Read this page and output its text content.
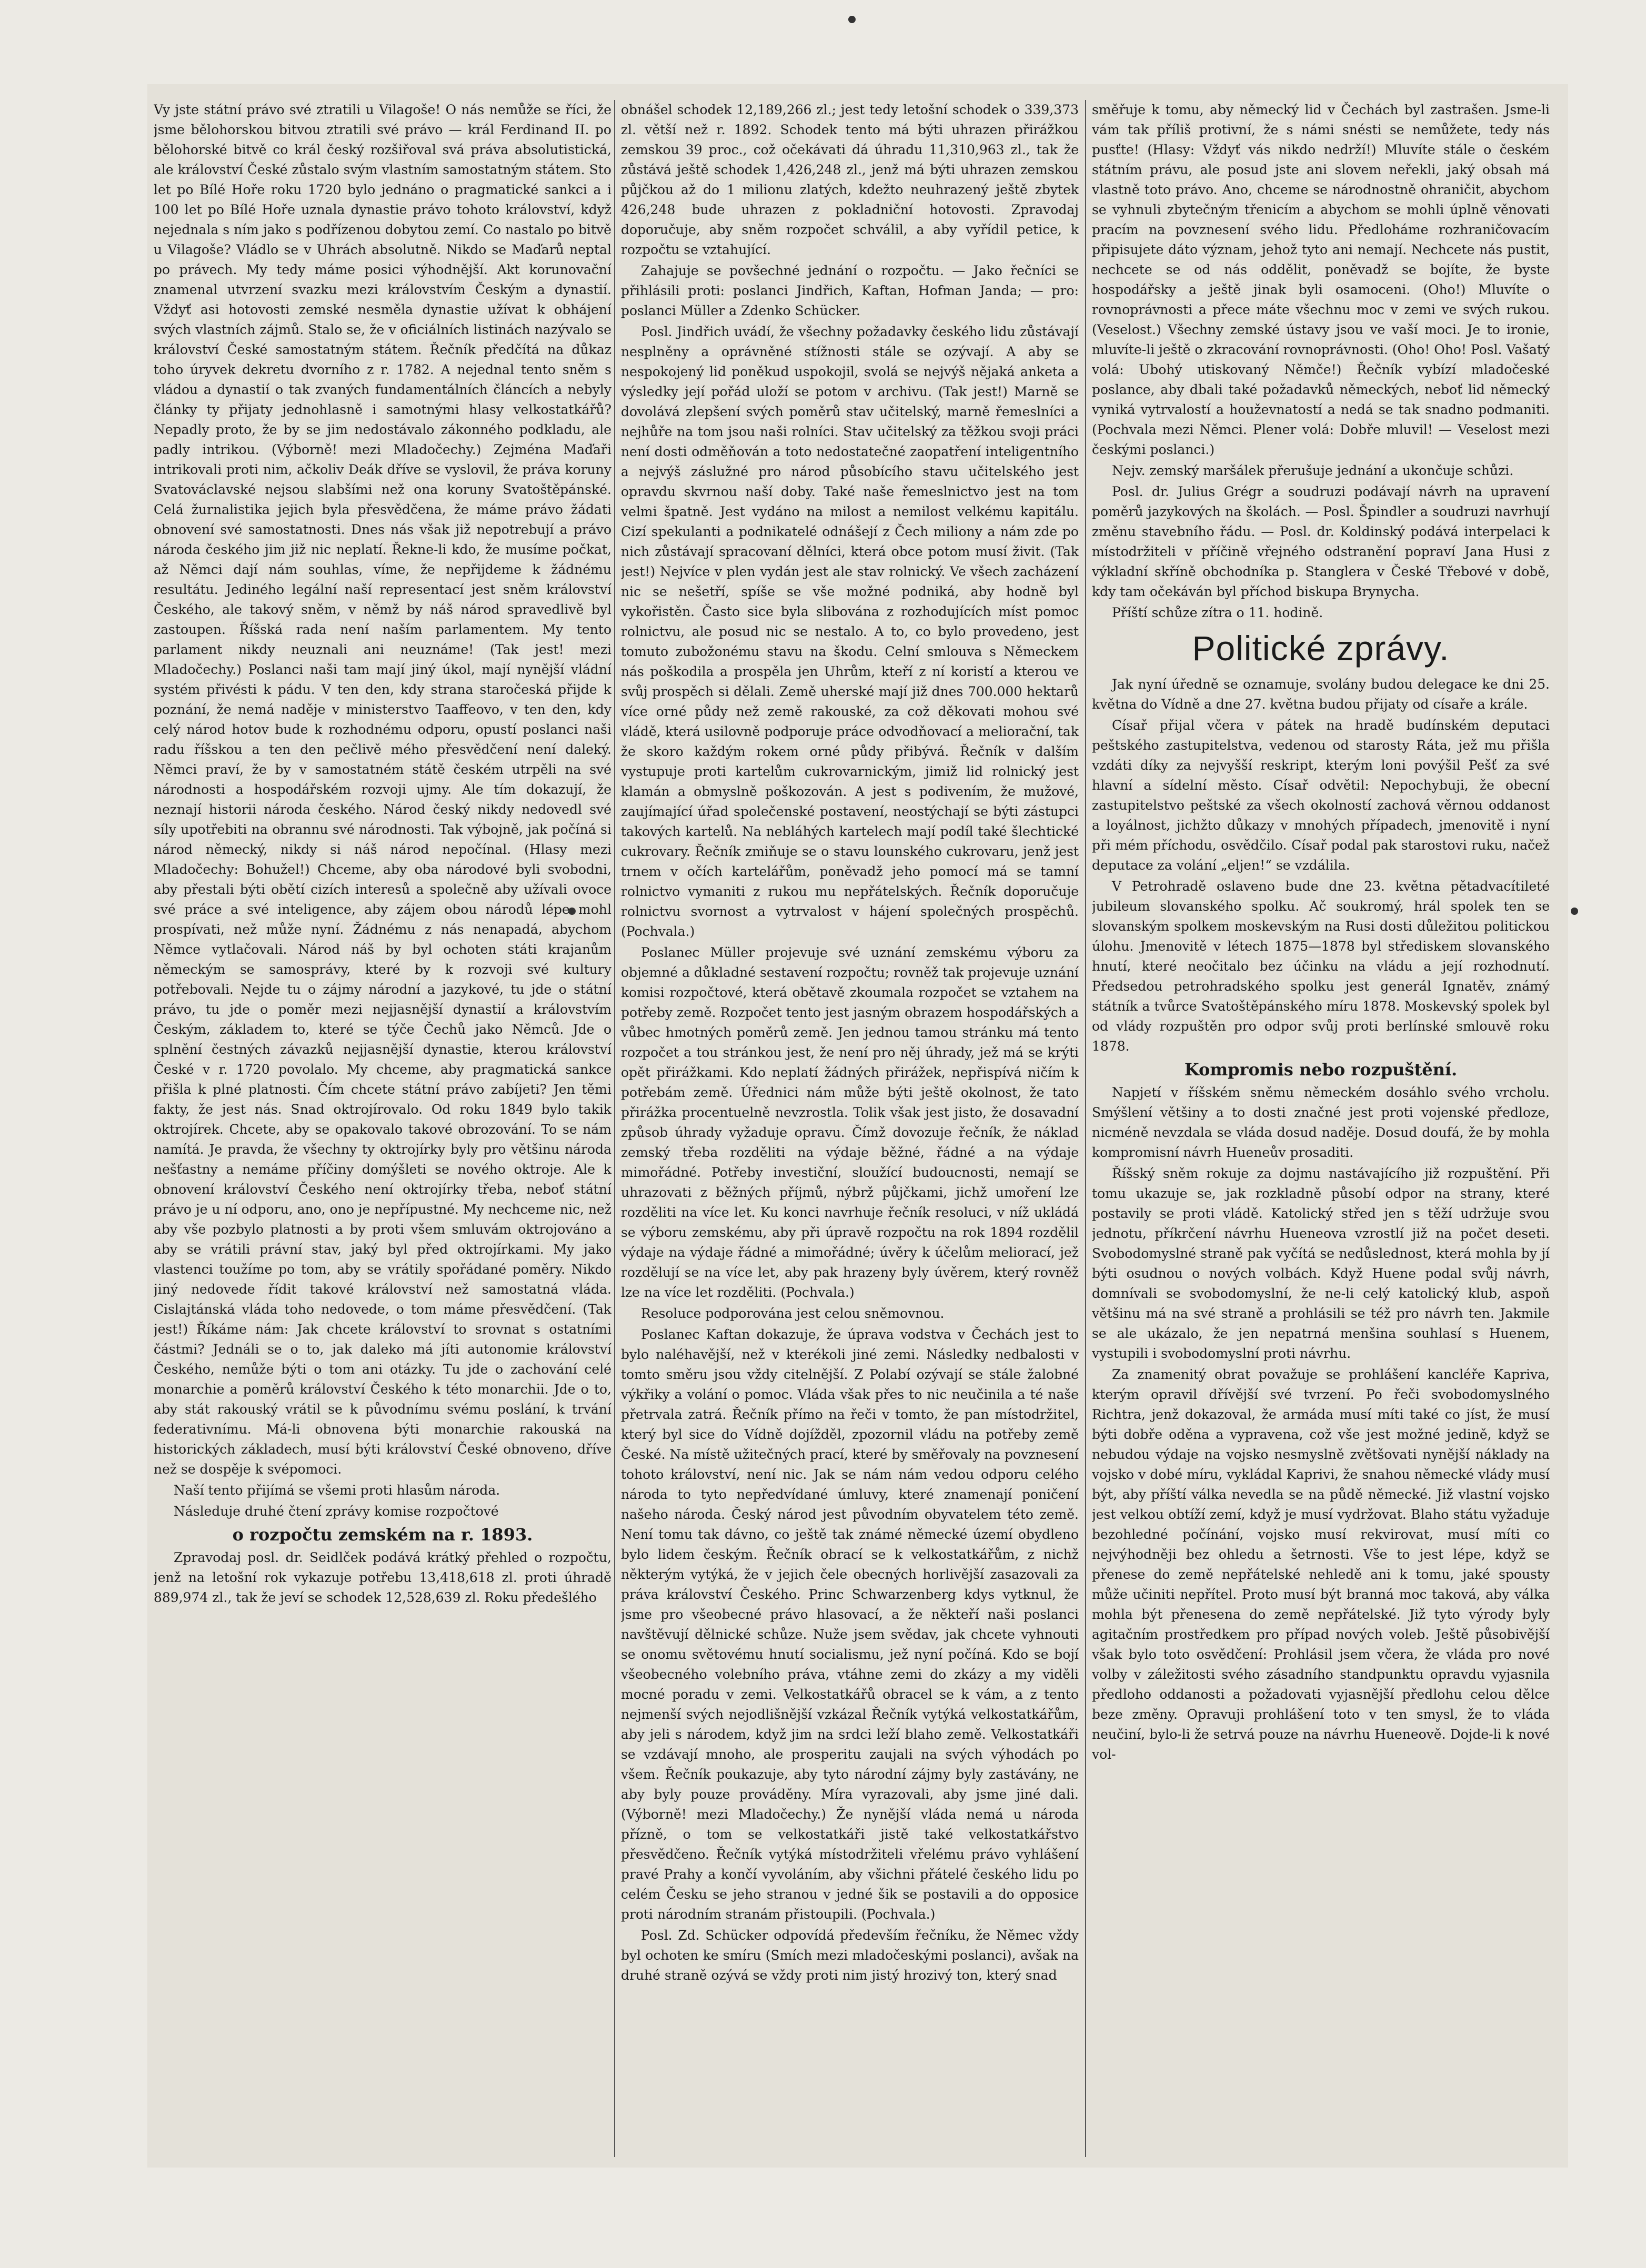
Vy jste státní právo své ztratili u Vilagoše! O nás nemůže se říci, že jsme bělohorskou bitvou ztratili své právo — král Ferdinand II. po bělohorské bitvě co král český rozšiřoval svá práva absolutistická, ale království České zůstalo svým vlastním samostatným státem. Sto let po Bílé Hoře roku 1720 bylo jednáno o pragmatické sankci a i 100 let po Bílé Hoře uznala dynastie právo tohoto království, když nejednala s ním jako s podřízenou dobytou zemí. Co nastalo po bitvě u Vilagoše? Vládlo se v Uhrách absolutně. Nikdo se Maďarů neptal po právech. My tedy máme posici výhodnější. Akt korunovační znamenal utvrzení svazku mezi královstvím Českým a dynastií. Vždyť asi hotovosti zemské nesměla dynastie užívat k obhájení svých vlastních zájmů. Stalo se, že v oficiálních listinách nazývalo se království České samostatným státem. Řečník předčítá na důkaz toho úryvek dekretu dvorního z r. 1782. A nejednal tento sněm s vládou a dynastií o tak zvaných fundamentálních článcích a nebyly články ty přijaty jednohlasně i samotnými hlasy velkostatkářů? Nepadly proto, že by se jim nedostávalo zákonného podkladu, ale padly intrikou. (Výborně! mezi Mladočechy.) Zejména Maďaři intrikovali proti nim, ačkoliv Deák dříve se vyslovil, že práva koruny Svatováclavské nejsou slabšími než ona koruny Svatoštěpánské. Celá žurnalistika jejich byla přesvědčena, že máme právo žádati obnovení své samostatnosti. Dnes nás však již nepotrebují a právo národa českého jim již nic neplatí. Řekne-li kdo, že musíme počkat, až Němci dají nám souhlas, víme, že nepřijdeme k žádnému resultátu. Jediného legální naší representací jest sněm království Českého, ale takový sněm, v němž by náš národ spravedlivě byl zastoupen. Říšská rada není naším parlamentem. My tento parlament nikdy neuznali ani neuznáme! (Tak jest! mezi Mladočechy.) Poslanci naši tam mají jiný úkol, mají nynější vládní systém přivésti k pádu. V ten den, kdy strana staročeská přijde k poznání, že nemá naděje v ministerstvo Taaffeovo, v ten den, kdy celý národ hotov bude k rozhodnému odporu, opustí poslanci naši radu říšskou a ten den pečlivě mého přesvědčení není daleký. Němci praví, že by v samostatném státě českém utrpěli na své národnosti a hospodářském rozvoji ujmy. Ale tím dokazují, že neznají historii národa českého. Národ český nikdy nedovedl své síly upotřebiti na obrannu své národnosti. Tak výbojně, jak počíná si národ německý, nikdy si náš národ nepočínal. (Hlasy mezi Mladočechy: Bohužel!) Chceme, aby oba národové byli svobodni, aby přestali býti obětí cizích interesů a společně aby užívali ovoce své práce a své inteligence, aby zájem obou národů lépe mohl prospívati, než může nyní. Žádnému z nás nenapadá, abychom Němce vytlačovali. Národ náš by byl ochoten státi krajanům německým se samosprávy, které by k rozvoji své kultury potřebovali. Nejde tu o zájmy národní a jazykové, tu jde o státní právo, tu jde o poměr mezi nejjasnější dynastií a královstvím Českým, základem to, které se týče Čechů jako Němců. Jde o splnění čestných závazků nejjasnější dynastie, kterou království České v r. 1720 povolalo. My chceme, aby pragmatická sankce přišla k plné platnosti. Čím chcete státní právo zabíjeti? Jen těmi fakty, že jest nás. Snad oktrojírovalo. Od roku 1849 bylo takik oktrojírek. Chcete, aby se opakovalo takové obrozování. To se nám namítá. Je pravda, že všechny ty oktrojírky byly pro většinu národa nešťastny a nemáme příčiny domýšleti se nového oktroje. Ale k obnovení království Českého není oktrojírky třeba, neboť státní právo je u ní odporu, ano, ono je nepřípustné. My nechceme nic, než aby vše pozbylo platnosti a by proti všem smluvám oktrojováno a aby se vrátili právní stav, jaký byl před oktrojírkami. My jako vlastenci toužíme po tom, aby se vrátily spořádané poměry. Nikdo jiný nedovede řídit takové království než samostatná vláda. Cislajtánská vláda toho nedovede, o tom máme přesvědčení. (Tak jest!) Říkáme nám: Jak chcete království to srovnat s ostatními částmi? Jednáli se o to, jak daleko má jíti autonomie království Českého, nemůže býti o tom ani otázky. Tu jde o zachování celé monarchie a poměrů království Českého k této monarchii. Jde o to, aby stát rakouský vrátil se k původnímu svému poslání, k trvání federativnímu. Má-li obnovena býti monarchie rakouská na historických základech, musí býti království České obnoveno, dříve než se dospěje k svépomoci.

Naší tento přijímá se všemi proti hlasům národa.

Následuje druhé čtení zprávy komise rozpočtové

o rozpočtu zemském na r. 1893.

Zpravodaj posl. dr. Seidlček podává krátký přehled o rozpočtu, jenž na letošní rok vykazuje potřebu 13,418,618 zl. proti úhradě 889,974 zl., tak že jeví se schodek 12,528,639 zl. Roku předešlého

obnášel schodek 12,189,266 zl.; jest tedy letošní schodek o 339,373 zl. větší než r. 1892. Schodek tento má býti uhrazen přirážkou zemskou 39 proc., což očekávati dá úhradu 11,310,963 zl., tak že zůstává ještě schodek 1,426,248 zl., jenž má býti uhrazen zemskou půjčkou až do 1 milionu zlatých, kdežto neuhrazený ještě zbytek 426,248 bude uhrazen z pokladniční hotovosti. Zpravodaj doporučuje, aby sněm rozpočet schválil, a aby vyřídil petice, k rozpočtu se vztahující.

Zahajuje se povšechné jednání o rozpočtu. — Jako řečníci se přihlásili proti: poslanci Jindřich, Kaftan, Hofman Janda; — pro: poslanci Müller a Zdenko Schücker.

Posl. Jindřich uvádí, že všechny požadavky českého lidu zůstávají nesplněny a oprávněné stížnosti stále se ozývají. A aby se nespokojený lid poněkud uspokojil, svolá se nejvýš nějaká anketa a výsledky její pořád uloží se potom v archivu. (Tak jest!) Marně se dovolává zlepšení svých poměrů stav učitelský, marně řemeslníci a nejhůře na tom jsou naši rolníci. Stav učitelský za těžkou svoji práci není dosti odměňován a toto nedostatečné zaopatření inteligentního a nejvýš záslužné pro národ působícího stavu učitelského jest opravdu skvrnou naší doby. Také naše řemeslnictvo jest na tom velmi špatně. Jest vydáno na milost a nemilost velkému kapitálu. Cizí spekulanti a podnikatelé odnášejí z Čech miliony a nám zde po nich zůstávají spracovaní dělníci, která obce potom musí živit. (Tak jest!) Nejvíce v plen vydán jest ale stav rolnický. Ve všech zacházení nic se nešetří, spíše se vše možné podniká, aby hodně byl vykořistěn. Často sice byla slibována z rozhodujících míst pomoc rolnictvu, ale posud nic se nestalo. A to, co bylo provedeno, jest tomuto zubožonému stavu na škodu. Celní smlouva s Německem nás poškodila a prospěla jen Uhrům, kteří z ní koristí a kterou ve svůj prospěch si dělali. Země uherské mají již dnes 700.000 hektarů více orné půdy než země rakouské, za což děkovati mohou své vládě, která usilovně podporuje práce odvodňovací a meliorační, tak že skoro každým rokem orné půdy přibývá. Řečník v dalším vystupuje proti kartelům cukrovarnickým, jimiž lid rolnický jest klamán a obmyslně poškozován. A jest s podivením, že mužové, zaujímající úřad společenské postavení, neostýchají se býti zástupci takových kartelů. Na nebláhých kartelech mají podíl také šlechtické cukrovary. Řečník zmiňuje se o stavu lounského cukrovaru, jenž jest trnem v očích kartelářům, poněvadž jeho pomocí má se tamní rolnictvo vymaniti z rukou mu nepřátelských. Řečník doporučuje rolnictvu svornost a vytrvalost v hájení společných prospěchů. (Pochvala.)

Poslanec Müller projevuje své uznání zemskému výboru za objemné a důkladné sestavení rozpočtu; rovněž tak projevuje uznání komisi rozpočtové, která obětavě zkoumala rozpočet se vztahem na potřeby země. Rozpočet tento jest jasným obrazem hospodářských a vůbec hmotných poměrů země. Jen jednou tamou stránku má tento rozpočet a tou stránkou jest, že není pro něj úhrady, jež má se krýti opět přirážkami. Kdo neplatí žádných přirážek, nepřispívá ničím k potřebám země. Úřednici nám může býti ještě okolnost, že tato přirážka procentuelně nevzrostla. Tolik však jest jisto, že dosavadní způsob úhrady vyžaduje opravu. Čímž dovozuje řečník, že náklad zemský třeba rozděliti na výdaje běžné, řádné a na výdaje mimořádné. Potřeby investiční, sloužící budoucnosti, nemají se uhrazovati z běžných příjmů, nýbrž půjčkami, jichž umoření lze rozděliti na více let. Ku konci navrhuje řečník resoluci, v níž ukládá se výboru zemskému, aby při úpravě rozpočtu na rok 1894 rozdělil výdaje na výdaje řádné a mimořádné; úvěry k účelům meliorací, jež rozdělují se na více let, aby pak hrazeny byly úvěrem, který rovněž lze na více let rozděliti. (Pochvala.)

Resoluce podporována jest celou sněmovnou.

Poslanec Kaftan dokazuje, že úprava vodstva v Čechách jest to bylo naléhavější, než v kterékoli jiné zemi. Následky nedbalosti v tomto směru jsou vždy citelnější. Z Polabí ozývají se stále žalobné výkřiky a volání o pomoc. Vláda však přes to nic neučinila a té naše přetrvala zatrá. Řečník přímo na řeči v tomto, že pan místodržitel, který byl sice do Vídně dojížděl, zpozornil vládu na potřeby země České. Na místě užitečných prací, které by směřovaly na povznesení tohoto království, není nic. Jak se nám nám vedou odporu celého národa to tyto nepředvídané úmluvy, které znamenají poničení našeho národa. Český národ jest původním obyvatelem této země. Není tomu tak dávno, co ještě tak známé německé území obydleno bylo lidem českým. Řečník obrací se k velkostatkářům, z nichž některým vytýká, že v jejich čele obecných horlivější zasazovali za práva království Českého. Princ Schwarzenberg kdys vytknul, že jsme pro všeobecné právo hlasovací, a že někteří naši poslanci navštěvují dělnické schůze. Nuže jsem svědav, jak chcete vyhnouti se onomu světovému hnutí socialismu, jež nyní počíná. Kdo se bojí všeobecného volebního práva, vtáhne zemi do zkázy a my viděli mocné poradu v zemi. Velkostatkářů obracel se k vám, a z tento nejmenší svých nejodlišnější vzkázal Řečník vytýká velkostatkářům, aby jeli s národem, když jim na srdci leží blaho země. Velkostatkáři se vzdávají mnoho, ale prosperitu zaujali na svých výhodách po všem. Řečník poukazuje, aby tyto národní zájmy byly zastávány, ne aby byly pouze prováděny. Míra vyrazovali, aby jsme jiné dali. (Výborně! mezi Mladočechy.) Že nynější vláda nemá u národa přízně, o tom se velkostatkáři jistě také velkostatkářstvo přesvědčeno. Řečník vytýká místodržiteli vřelému právo vyhlášení pravé Prahy a končí vyvoláním, aby všichni přátelé českého lidu po celém Česku se jeho stranou v jedné šik se postavili a do opposice proti národním stranám přistoupili. (Pochvala.)

Posl. Zd. Schücker odpovídá především řečníku, že Němec vždy byl ochoten ke smíru (Smích mezi mladočeskými poslanci), avšak na druhé straně ozývá se vždy proti nim jistý hrozivý ton, který snad

směřuje k tomu, aby německý lid v Čechách byl zastrašen. Jsme-li vám tak příliš protivní, že s námi snésti se nemůžete, tedy nás pusťte! (Hlasy: Vždyť vás nikdo nedrží!) Mluvíte stále o českém státním právu, ale posud jste ani slovem neřekli, jaký obsah má vlastně toto právo. Ano, chceme se národnostně ohraničit, abychom se vyhnuli zbytečným třenicím a abychom se mohli úplně věnovati pracím na povznesení svého lidu. Předloháme rozhraničovacím připisujete dáto význam, jehož tyto ani nemají. Nechcete nás pustit, nechcete se od nás oddělit, poněvadž se bojíte, že byste hospodářsky a ještě jinak byli osamoceni. (Oho!) Mluvíte o rovnoprávnosti a přece máte všechnu moc v zemi ve svých rukou. (Veselost.) Všechny zemské ústavy jsou ve vaší moci. Je to ironie, mluvíte-li ještě o zkracování rovnoprávnosti. (Oho! Oho! Posl. Vašatý volá: Ubohý utiskovaný Němče!) Řečník vybízí mladočeské poslance, aby dbali také požadavků německých, neboť lid německý vyniká vytrvalostí a houževnatostí a nedá se tak snadno podmaniti. (Pochvala mezi Němci. Plener volá: Dobře mluvil! — Veselost mezi českými poslanci.)

Nejv. zemský maršálek přerušuje jednání a ukončuje schůzi.

Posl. dr. Julius Grégr a soudruzi podávají návrh na upravení poměrů jazykových na školách. — Posl. Špindler a soudruzi navrhují změnu stavebního řádu. — Posl. dr. Koldinský podává interpelaci k místodržiteli v příčině vřejného odstranění popraví Jana Husi z výkladní skříně obchodníka p. Stanglera v České Třebové v době, kdy tam očekáván byl příchod biskupa Brynycha.

Příští schůze zítra o 11. hodině.

Politické zprávy.

Jak nyní úředně se oznamuje, svolány budou delegace ke dni 25. května do Vídně a dne 27. května budou přijaty od císaře a krále.

Císař přijal včera v pátek na hradě budínském deputaci peštského zastupitelstva, vedenou od starosty Ráta, jež mu přišla vzdáti díky za nejvyšší reskript, kterým loni povýšil Pešť za své hlavní a sídelní město. Císař odvětil: Nepochybuji, že obecní zastupitelstvo peštské za všech okolností zachová věrnou oddanost a loyálnost, jichžto důkazy v mnohých případech, jmenovitě i nyní při mém příchodu, osvědčilo. Císař podal pak starostovi ruku, načež deputace za volání „eljen!“ se vzdálila.

V Petrohradě oslaveno bude dne 23. května pětadvacítileté jubileum slovanského spolku. Ač soukromý, hrál spolek ten se slovanským spolkem moskevským na Rusi dosti důležitou politickou úlohu. Jmenovitě v létech 1875—1878 byl střediskem slovanského hnutí, které neočitalo bez účinku na vládu a její rozhodnutí. Předsedou petrohradského spolku jest generál Ignatěv, známý státník a tvůrce Svatoštěpánského míru 1878. Moskevský spolek byl od vlády rozpuštěn pro odpor svůj proti berlínské smlouvě roku 1878.

Kompromis nebo rozpuštění.

Napjetí v říšském sněmu německém dosáhlo svého vrcholu. Smýšlení většiny a to dosti značné jest proti vojenské předloze, nicméně nevzdala se vláda dosud naděje. Dosud doufá, že by mohla kompromisní návrh Hueneův prosaditi.

Říšský sněm rokuje za dojmu nastávajícího již rozpuštění. Při tomu ukazuje se, jak rozkladně působí odpor na strany, které postavily se proti vládě. Katolický střed jen s těží udržuje svou jednotu, příkrčení návrhu Hueneova vzrostlí již na počet deseti. Svobodomyslné straně pak vyčítá se nedůslednost, která mohla by jí býti osudnou o nových volbách. Když Huene podal svůj návrh, domnívali se svobodomyslní, že ne-li celý katolický klub, aspoň většinu má na své straně a prohlásili se též pro návrh ten. Jakmile se ale ukázalo, že jen nepatrná menšina souhlasí s Huenem, vystupili i svobodomyslní proti návrhu.

Za znamenitý obrat považuje se prohlášení kancléře Kapriva, kterým opravil dřívější své tvrzení. Po řeči svobodomyslného Richtra, jenž dokazoval, že armáda musí míti také co jíst, že musí býti dobře oděna a vypravena, což vše jest možné jedině, když se nebudou výdaje na vojsko nesmyslně zvětšovati nynější náklady na vojsko v dobé míru, vykládal Kaprivi, že snahou německé vlády musí být, aby příští válka nevedla se na půdě německé. Již vlastní vojsko jest velkou obtíží zemí, když je musí vydržovat. Blaho státu vyžaduje bezohledné počínání, vojsko musí rekvirovat, musí míti co nejvýhodněji bez ohledu a šetrnosti. Vše to jest lépe, když se přenese do země nepřátelské nehledě ani k tomu, jaké spousty může učiniti nepřítel. Proto musí být branná moc taková, aby válka mohla být přenesena do země nepřátelské. Již tyto výrody byly agitačním prostředkem pro případ nových voleb. Ještě působivější však bylo toto osvědčení: Prohlásil jsem včera, že vláda pro nové volby v záležitosti svého zásadního standpunktu opravdu vyjasnila předloho oddanosti a požadovati vyjasnější předlohu celou dělce beze změny. Opravuji prohlášení toto v ten smysl, že to vláda neučiní, bylo-li že setrvá pouze na návrhu Hueneově. Dojde-li k nové vol-
